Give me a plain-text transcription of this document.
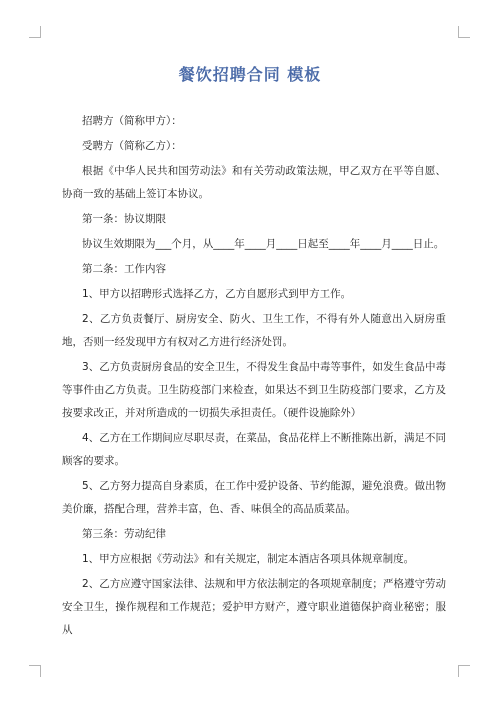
餐饮招聘合同 模板

招聘方（简称甲方）：

受聘方（简称乙方）：

根据《中华人民共和国劳动法》和有关劳动政策法规，甲乙双方在平等自愿、协商一致的基础上签订本协议。

第一条：协议期限

协议生效期限为___个月，从____年____月____日起至____年____月____日止。

第二条：工作内容

1、甲方以招聘形式选择乙方，乙方自愿形式到甲方工作。

2、乙方负责餐厅、厨房安全、防火、卫生工作，不得有外人随意出入厨房重地，否则一经发现甲方有权对乙方进行经济处罚。

3、乙方负责厨房食品的安全卫生，不得发生食品中毒等事件，如发生食品中毒等事件由乙方负责。卫生防疫部门来检查，如果达不到卫生防疫部门要求，乙方及按要求改正，并对所造成的一切损失承担责任。（硬件设施除外）

4、乙方在工作期间应尽职尽责，在菜品，食品花样上不断推陈出新，满足不同顾客的要求。

5、乙方努力提高自身素质，在工作中爱护设备、节约能源，避免浪费。做出物美价廉，搭配合理，营养丰富，色、香、味俱全的高品质菜品。

第三条：劳动纪律

1、甲方应根据《劳动法》和有关规定，制定本酒店各项具体规章制度。

2、乙方应遵守国家法律、法规和甲方依法制定的各项规章制度；严格遵守劳动安全卫生，操作规程和工作规范；爱护甲方财产，遵守职业道德保护商业秘密；服从
